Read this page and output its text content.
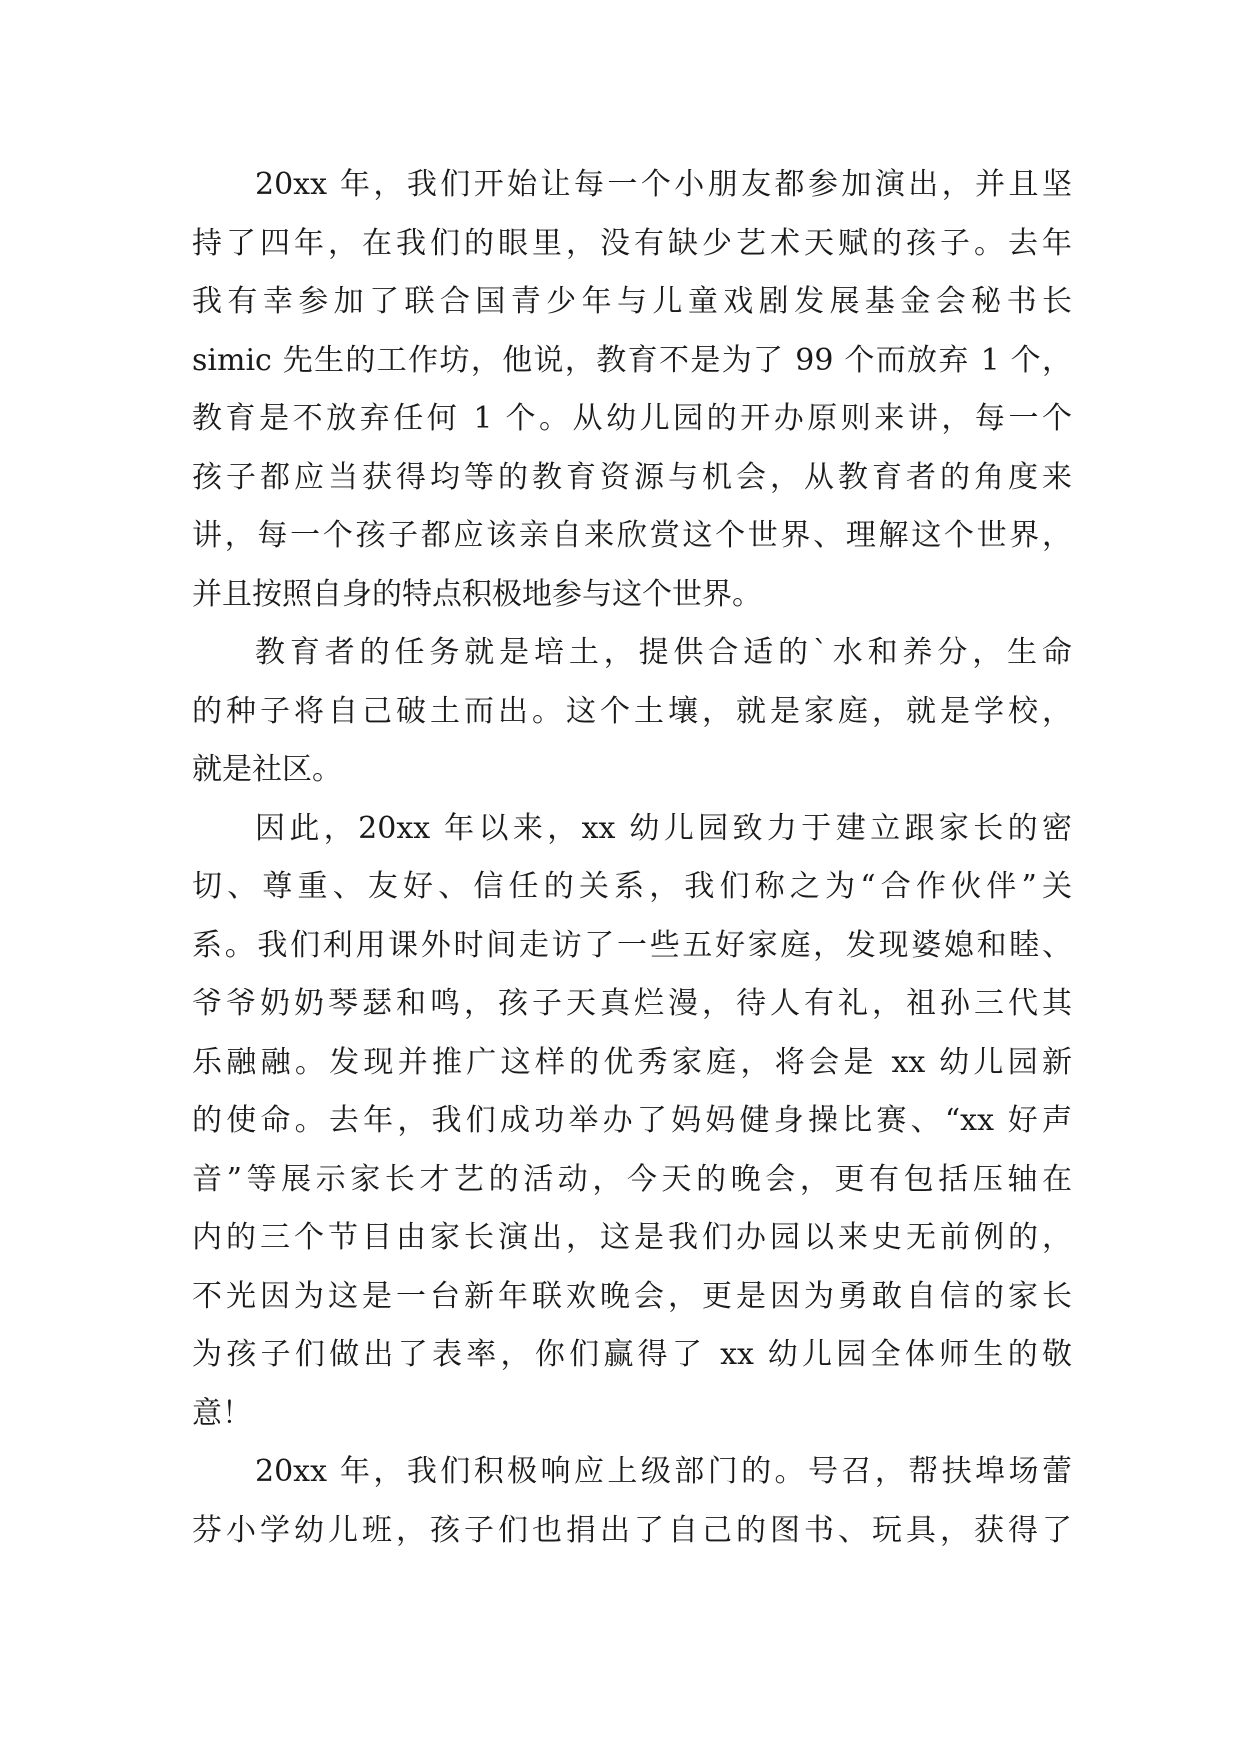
20xx 年，我们开始让每一个小朋友都参加演出，并且坚
持了四年，在我们的眼里，没有缺少艺术天赋的孩子。去年
我有幸参加了联合国青少年与儿童戏剧发展基金会秘书长
simic 先生的工作坊，他说，教育不是为了 99 个而放弃 1 个，
教育是不放弃任何 1 个。从幼儿园的开办原则来讲，每一个
孩子都应当获得均等的教育资源与机会，从教育者的角度来
讲，每一个孩子都应该亲自来欣赏这个世界、理解这个世界，
并且按照自身的特点积极地参与这个世界。
教育者的任务就是培土，提供合适的`水和养分，生命
的种子将自己破土而出。这个土壤，就是家庭，就是学校，
就是社区。
因此，20xx 年以来，xx 幼儿园致力于建立跟家长的密
切、尊重、友好、信任的关系，我们称之为“合作伙伴”关
系。我们利用课外时间走访了一些五好家庭，发现婆媳和睦、
爷爷奶奶琴瑟和鸣，孩子天真烂漫，待人有礼，祖孙三代其
乐融融。发现并推广这样的优秀家庭，将会是 xx 幼儿园新
的使命。去年，我们成功举办了妈妈健身操比赛、“xx 好声
音”等展示家长才艺的活动，今天的晚会，更有包括压轴在
内的三个节目由家长演出，这是我们办园以来史无前例的，
不光因为这是一台新年联欢晚会，更是因为勇敢自信的家长
为孩子们做出了表率，你们赢得了 xx 幼儿园全体师生的敬
意！
20xx 年，我们积极响应上级部门的。号召，帮扶埠场蕾
芬小学幼儿班，孩子们也捐出了自己的图书、玩具，获得了
